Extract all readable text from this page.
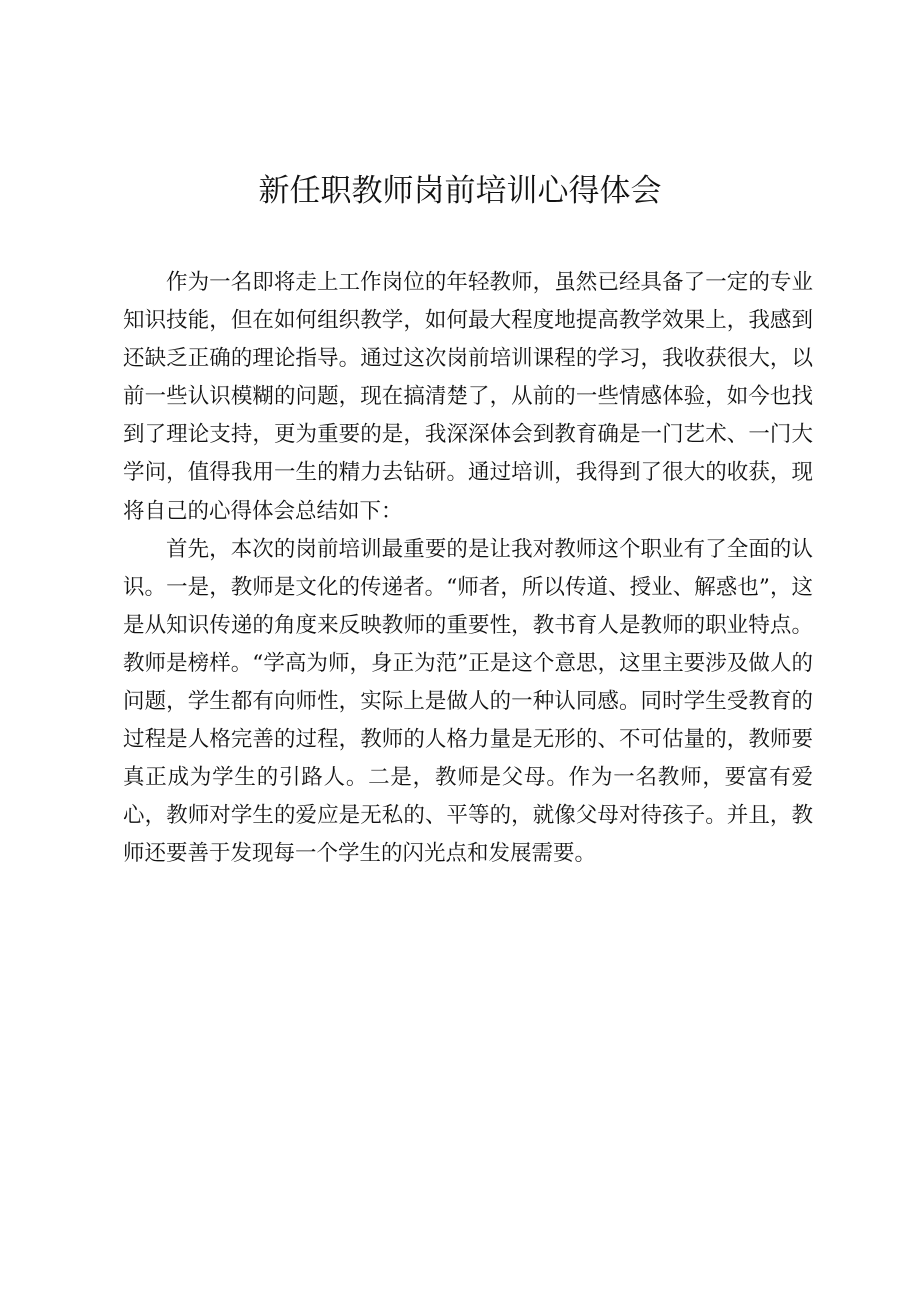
新任职教师岗前培训心得体会

作为一名即将走上工作岗位的年轻教师，虽然已经具备了一定的专业知识技能，但在如何组织教学，如何最大程度地提高教学效果上，我感到还缺乏正确的理论指导。通过这次岗前培训课程的学习，我收获很大，以前一些认识模糊的问题，现在搞清楚了，从前的一些情感体验，如今也找到了理论支持，更为重要的是，我深深体会到教育确是一门艺术、一门大学问，值得我用一生的精力去钻研。通过培训，我得到了很大的收获，现将自己的心得体会总结如下：

首先，本次的岗前培训最重要的是让我对教师这个职业有了全面的认识。一是，教师是文化的传递者。“师者，所以传道、授业、解惑也”，这是从知识传递的角度来反映教师的重要性，教书育人是教师的职业特点。教师是榜样。“学高为师，身正为范”正是这个意思，这里主要涉及做人的问题，学生都有向师性，实际上是做人的一种认同感。同时学生受教育的过程是人格完善的过程，教师的人格力量是无形的、不可估量的，教师要真正成为学生的引路人。二是，教师是父母。作为一名教师，要富有爱心，教师对学生的爱应是无私的、平等的，就像父母对待孩子。并且，教师还要善于发现每一个学生的闪光点和发展需要。
